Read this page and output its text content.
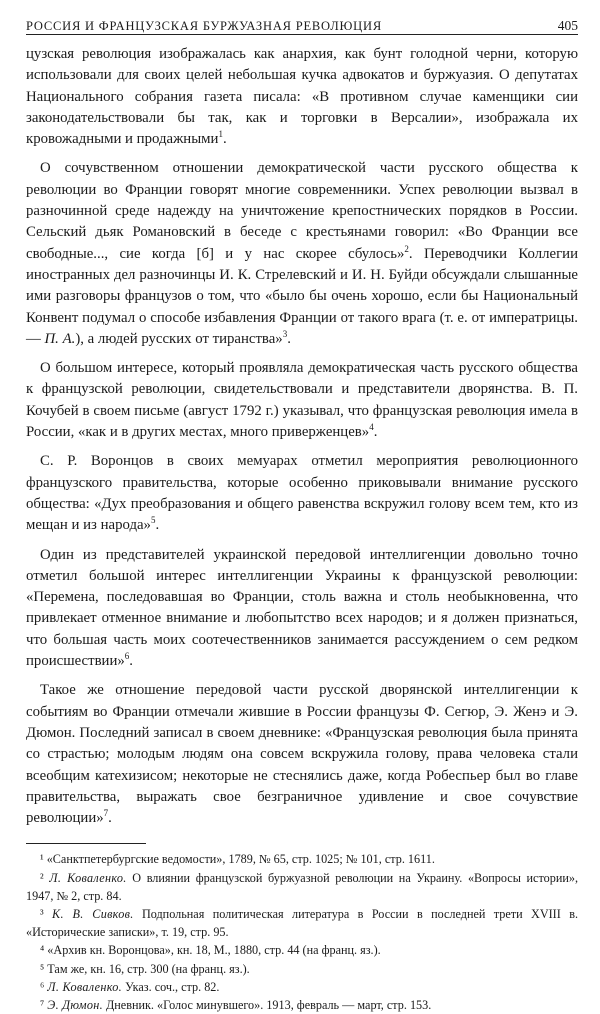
РОССИЯ И ФРАНЦУЗСКАЯ БУРЖУАЗНАЯ РЕВОЛЮЦИЯ	405

цузская революция изображалась как анархия, как бунт голодной черни, которую использовали для своих целей небольшая кучка адвокатов и буржуазия. О депутатах Национального собрания газета писала: «В противном случае каменщики сии законодательствовали бы так, как и торговки в Версалии», изображала их кровожадными и продажными$^1$.

О сочувственном отношении демократической части русского общества к революции во Франции говорят многие современники. Успех революции вызвал в разночинной среде надежду на уничтожение крепостнических порядков в России. Сельский дьяк Романовский в беседе с крестьянами говорил: «Во Франции все свободные..., сие когда [б] и у нас скорее сбулось»$^2$. Переводчики Коллегии иностранных дел разночинцы И. К. Стрелевский и И. Н. Буйди обсуждали слышанные ими разговоры французов о том, что «было бы очень хорошо, если бы Национальный Конвент подумал о способе избавления Франции от такого врага (т. е. от императрицы.— П. А.), а людей русских от тиранства»$^3$.

О большом интересе, который проявляла демократическая часть русского общества к французской революции, свидетельствовали и представители дворянства. В. П. Кочубей в своем письме (август 1792 г.) указывал, что французская революция имела в России, «как и в других местах, много приверженцев»$^4$.

С. Р. Воронцов в своих мемуарах отметил мероприятия революционного французского правительства, которые особенно приковывали внимание русского общества: «Дух преобразования и общего равенства вскружил голову всем тем, кто из мещан и из народа»$^5$.

Один из представителей украинской передовой интеллигенции довольно точно отметил большой интерес интеллигенции Украины к французской революции: «Перемена, последовавшая во Франции, столь важна и столь необыкновенна, что привлекает отменное внимание и любопытство всех народов; и я должен признаться, что большая часть моих соотечественников занимается рассуждением о сем редком происшествии»$^6$.

Такое же отношение передовой части русской дворянской интеллигенции к событиям во Франции отмечали жившие в России французы Ф. Сегюр, Э. Женэ и Э. Дюмон. Последний записал в своем дневнике: «Французская революция была принята со страстью; молодым людям она совсем вскружила голову, права человека стали всеобщим катехизисом; некоторые не стеснялись даже, когда Робеспьер был во главе правительства, выражать свое безграничное удивление и свое сочувствие революции»$^7$.

¹ «Санктпетербургские ведомости», 1789, № 65, стр. 1025; № 101, стр. 1611.

² Л. Коваленко. О влиянии французской буржуазной революции на Украину. «Вопросы истории», 1947, № 2, стр. 84.

³ К. В. Сивков. Подпольная политическая литература в России в последней трети XVIII в. «Исторические записки», т. 19, стр. 95.

⁴ «Архив кн. Воронцова», кн. 18, М., 1880, стр. 44 (на франц. яз.).

⁵ Там же, кн. 16, стр. 300 (на франц. яз.).

⁶ Л. Коваленко. Указ. соч., стр. 82.

⁷ Э. Дюмон. Дневник. «Голос минувшего». 1913, февраль — март, стр. 153.
